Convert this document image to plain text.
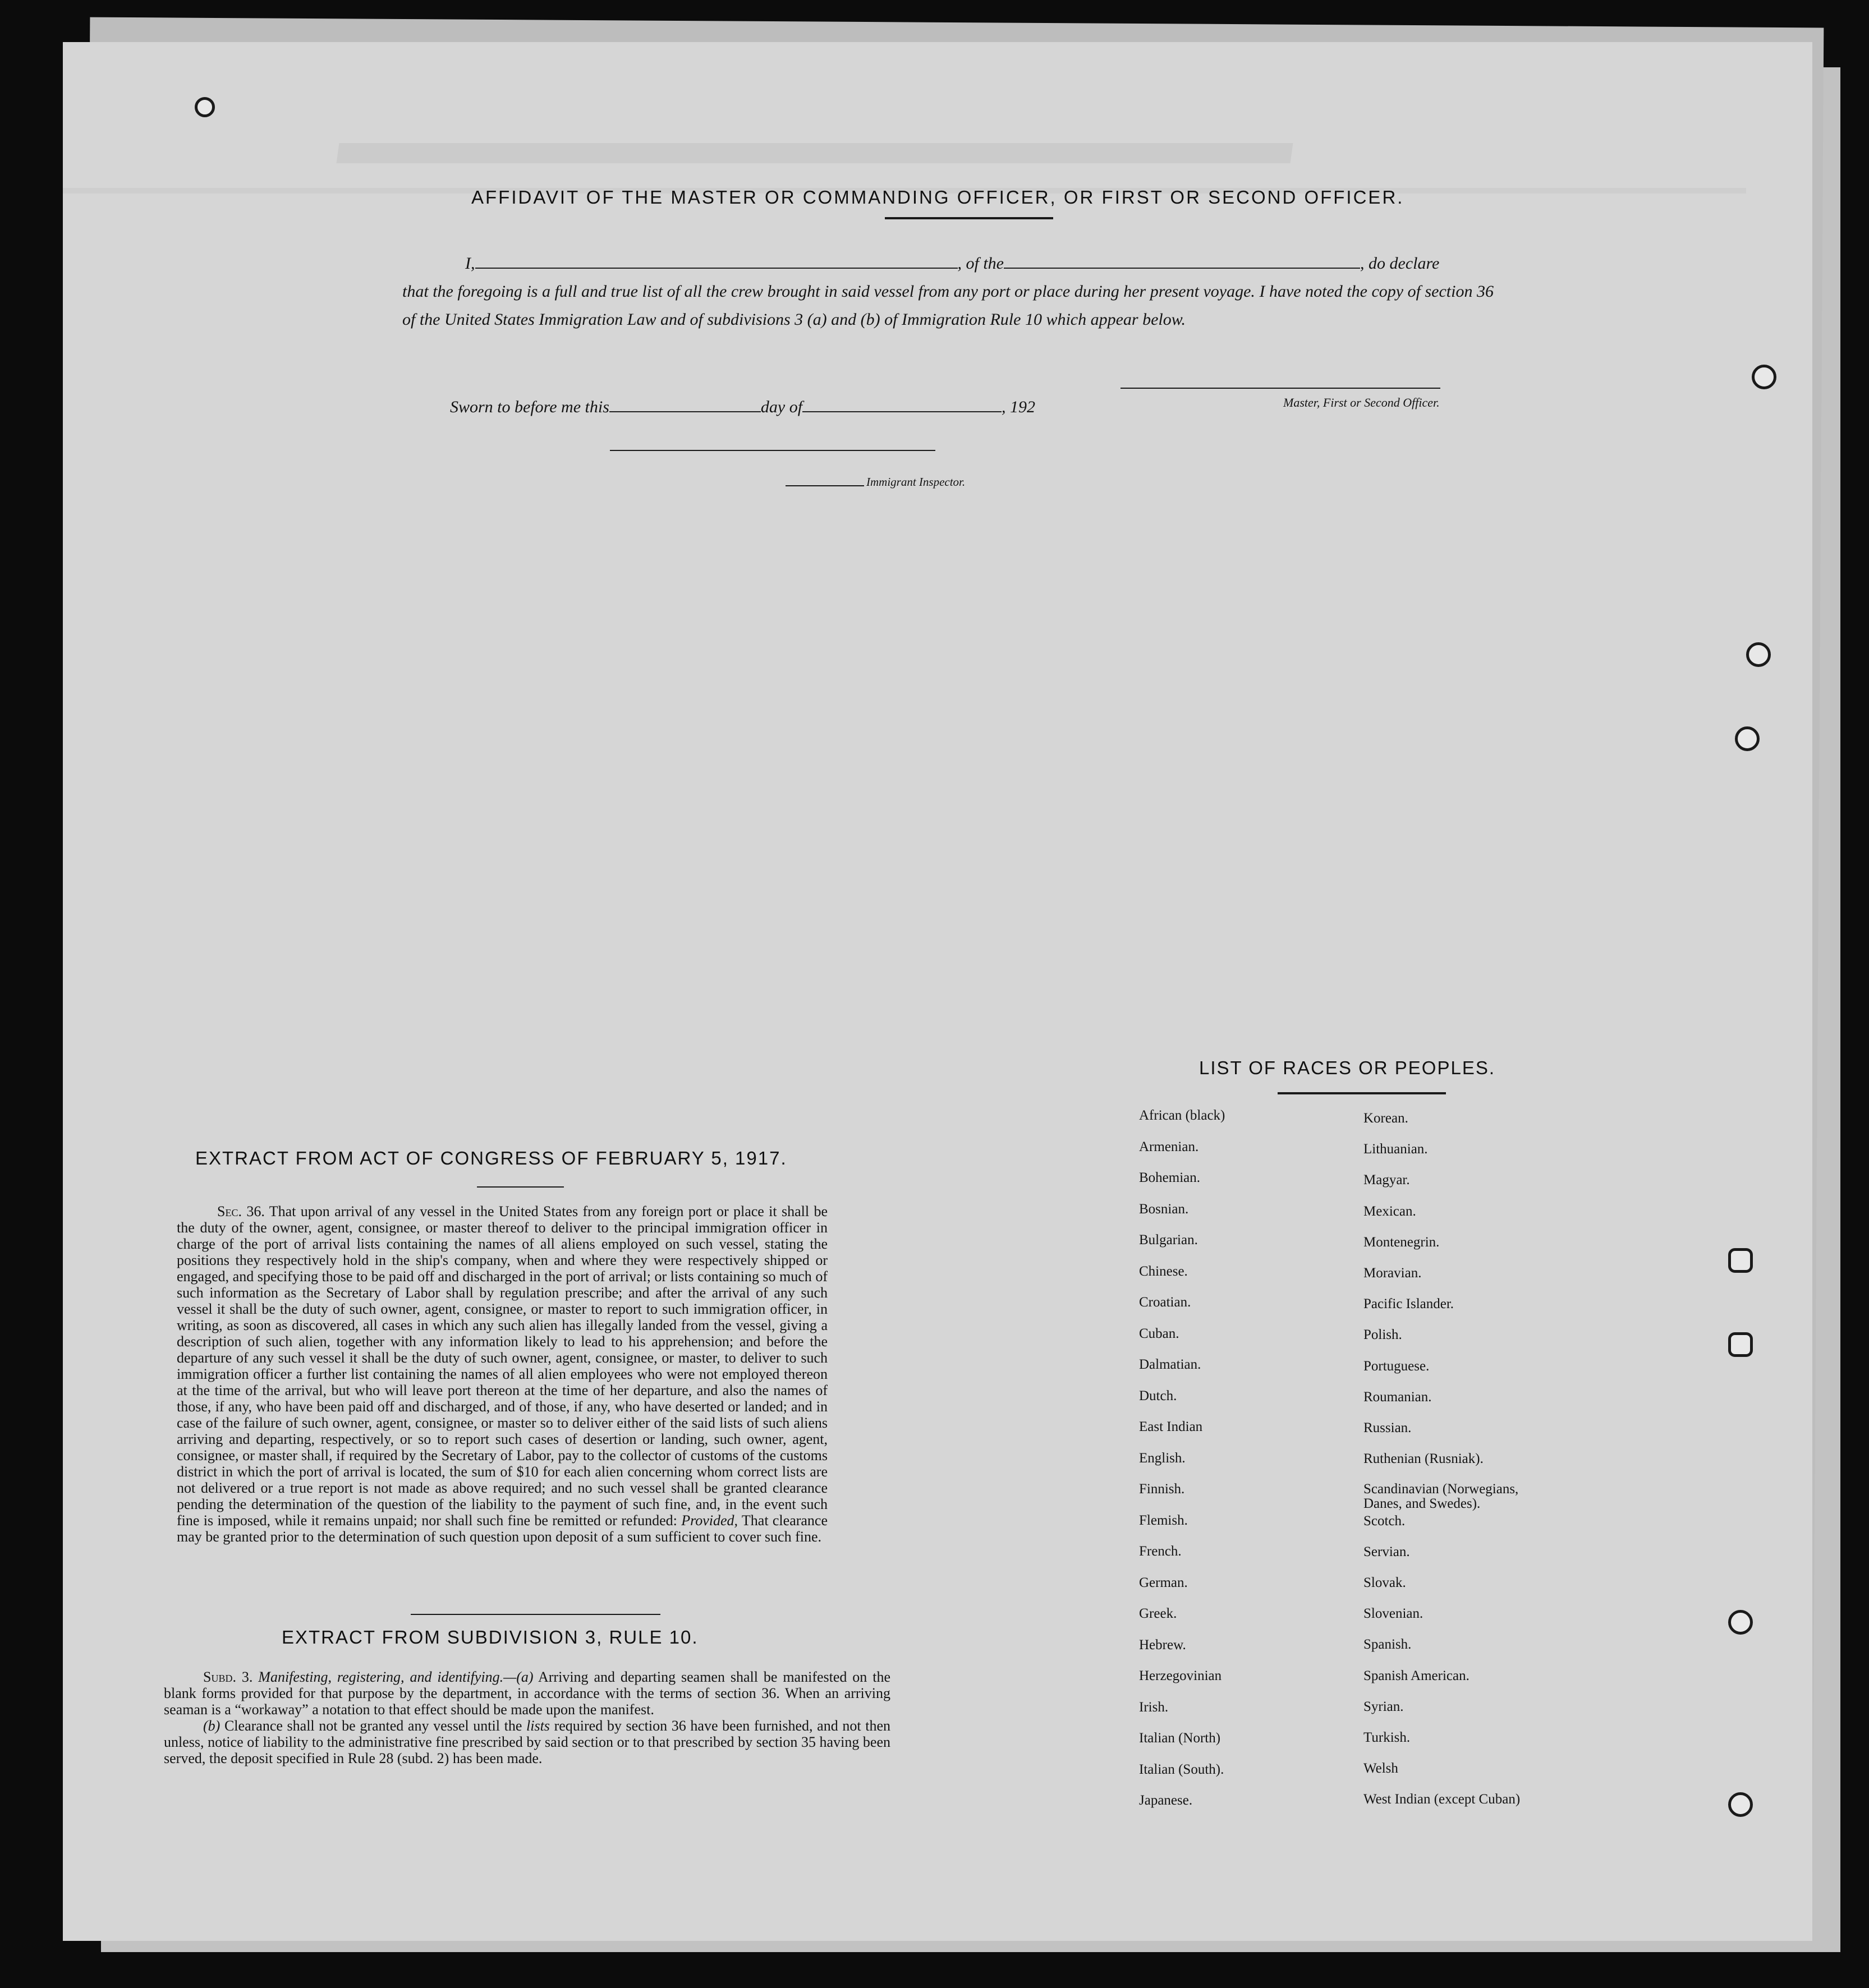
AFFIDAVIT OF THE MASTER OR COMMANDING OFFICER, OR FIRST OR SECOND OFFICER.
I,	, of the	, do declare
that the foregoing is a full and true list of all the crew brought in said vessel from any port or place during her present voyage. I have noted the copy of section 36 of the United States Immigration Law and of subdivisions 3 (a) and (b) of Immigration Rule 10 which appear below.
Master, First or Second Officer.
Sworn to before me this	day of	, 192
Immigrant Inspector.
EXTRACT FROM ACT OF CONGRESS OF FEBRUARY 5, 1917.
Sec. 36. That upon arrival of any vessel in the United States from any foreign port or place it shall be the duty of the owner, agent, consignee, or master thereof to deliver to the principal immigration officer in charge of the port of arrival lists containing the names of all aliens employed on such vessel, stating the positions they respectively hold in the ship's company, when and where they were respectively shipped or engaged, and specifying those to be paid off and discharged in the port of arrival; or lists containing so much of such information as the Secretary of Labor shall by regulation prescribe; and after the arrival of any such vessel it shall be the duty of such owner, agent, consignee, or master to report to such immigration officer, in writing, as soon as discovered, all cases in which any such alien has illegally landed from the vessel, giving a description of such alien, together with any information likely to lead to his apprehension; and before the departure of any such vessel it shall be the duty of such owner, agent, consignee, or master, to deliver to such immigration officer a further list containing the names of all alien employees who were not employed thereon at the time of the arrival, but who will leave port thereon at the time of her departure, and also the names of those, if any, who have been paid off and discharged, and of those, if any, who have deserted or landed; and in case of the failure of such owner, agent, consignee, or master so to deliver either of the said lists of such aliens arriving and departing, respectively, or so to report such cases of desertion or landing, such owner, agent, consignee, or master shall, if required by the Secretary of Labor, pay to the collector of customs of the customs district in which the port of arrival is located, the sum of $10 for each alien concerning whom correct lists are not delivered or a true report is not made as above required; and no such vessel shall be granted clearance pending the determination of the question of the liability to the payment of such fine, and, in the event such fine is imposed, while it remains unpaid; nor shall such fine be remitted or refunded: Provided, That clearance may be granted prior to the determination of such question upon deposit of a sum sufficient to cover such fine.
EXTRACT FROM SUBDIVISION 3, RULE 10.
Subd. 3. Manifesting, registering, and identifying.—(a) Arriving and departing seamen shall be manifested on the blank forms provided for that purpose by the department, in accordance with the terms of section 36. When an arriving seaman is a “workaway” a notation to that effect should be made upon the manifest.
(b) Clearance shall not be granted any vessel until the lists required by section 36 have been furnished, and not then unless, notice of liability to the administrative fine prescribed by said section or to that prescribed by section 35 having been served, the deposit specified in Rule 28 (subd. 2) has been made.
LIST OF RACES OR PEOPLES.
African (black)
Armenian.
Bohemian.
Bosnian.
Bulgarian.
Chinese.
Croatian.
Cuban.
Dalmatian.
Dutch.
East Indian
English.
Finnish.
Flemish.
French.
German.
Greek.
Hebrew.
Herzegovinian
Irish.
Italian (North)
Italian (South).
Japanese.
Korean.
Lithuanian.
Magyar.
Mexican.
Montenegrin.
Moravian.
Pacific Islander.
Polish.
Portuguese.
Roumanian.
Russian.
Ruthenian (Rusniak).
Scandinavian (Norwegians, Danes, and Swedes).
Scotch.
Servian.
Slovak.
Slovenian.
Spanish.
Spanish American.
Syrian.
Turkish.
Welsh
West Indian (except Cuban)
